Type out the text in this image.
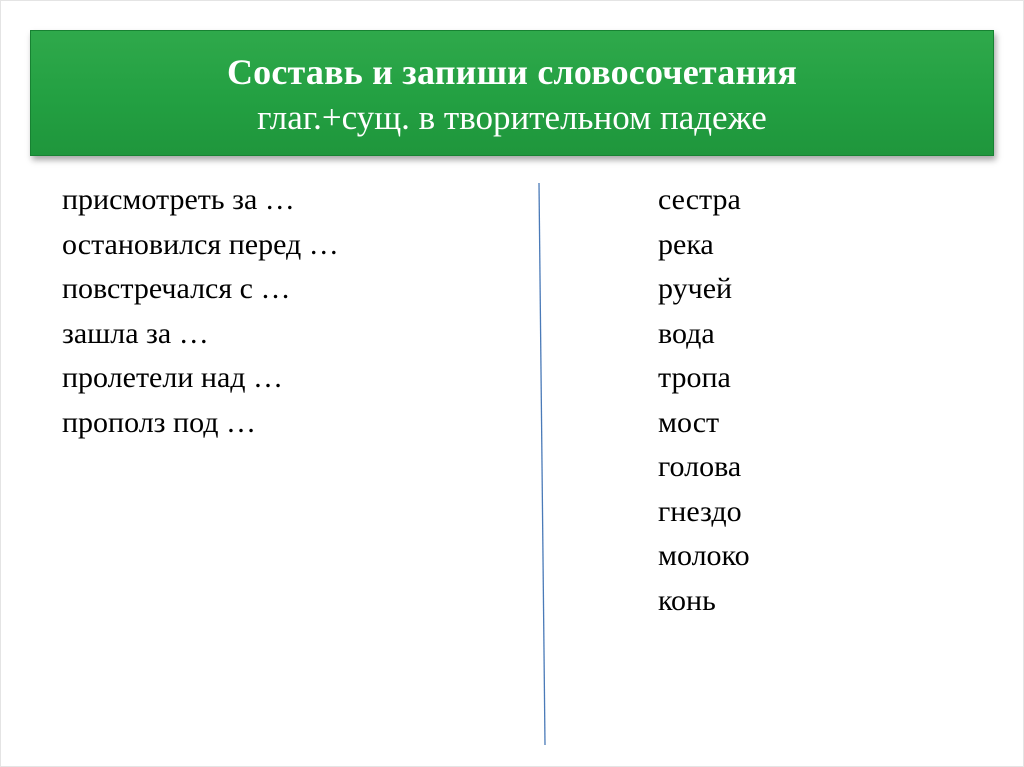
Составь и запиши словосочетания
глаг.+сущ. в творительном падеже
присмотреть за …
остановился перед …
повстречался с …
зашла за …
пролетели над …
прополз под …
сестра
река
ручей
вода
тропа
мост
голова
гнездо
молоко
конь
